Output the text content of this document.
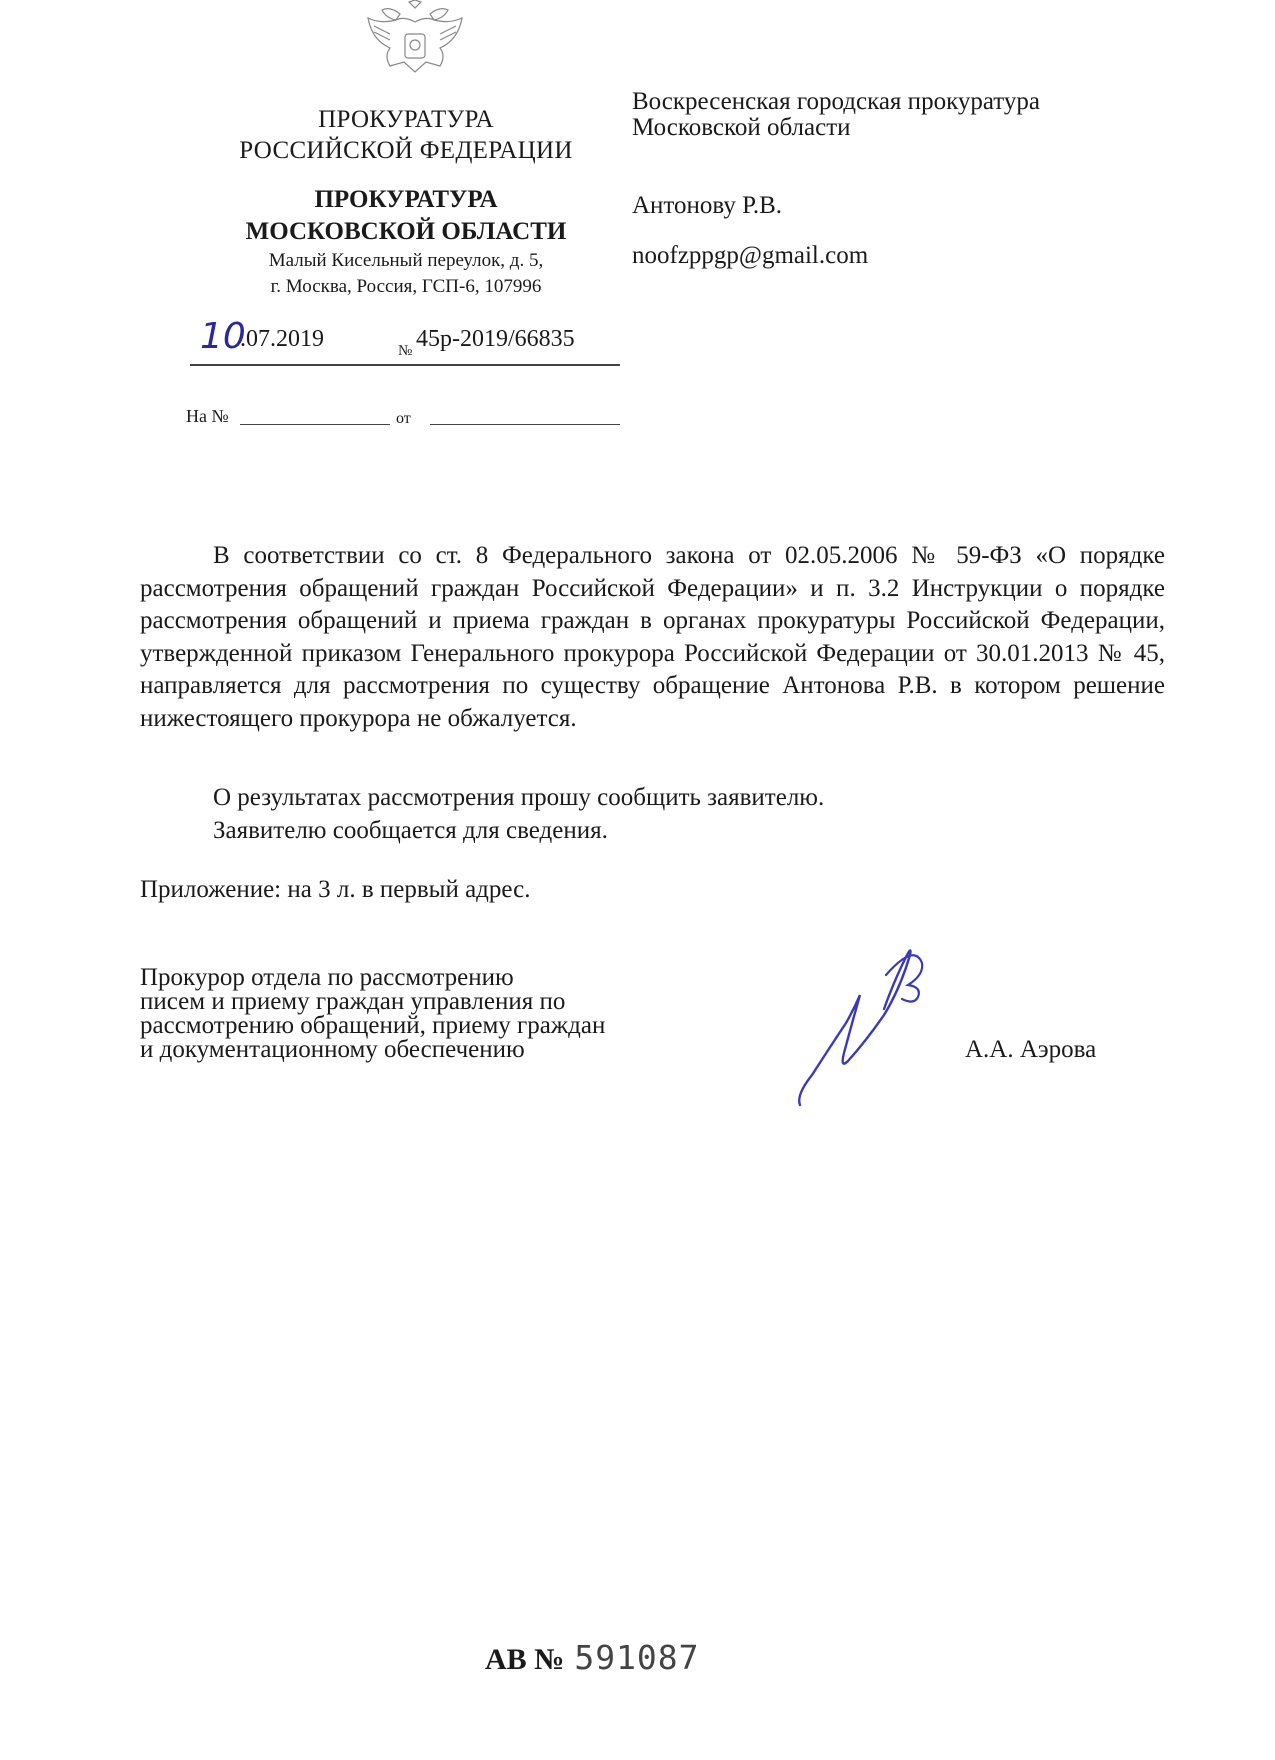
ПРОКУРАТУРА
РОССИЙСКОЙ ФЕДЕРАЦИИ
ПРОКУРАТУРА
МОСКОВСКОЙ ОБЛАСТИ
Малый Кисельный переулок, д. 5,
г. Москва, Россия, ГСП-6, 107996
10
.07.2019	№ 45р-2019/66835
На №	от
Воскресенская городская прокуратура
Московской области
Антонову Р.В.
noofzppgp@gmail.com
В соответствии со ст. 8 Федерального закона от 02.05.2006 № 59-ФЗ «О порядке рассмотрения обращений граждан Российской Федерации» и п. 3.2 Инструкции о порядке рассмотрения обращений и приема граждан в органах прокуратуры Российской Федерации, утвержденной приказом Генерального прокурора Российской Федерации от 30.01.2013 № 45, направляется для рассмотрения по существу обращение Антонова Р.В. в котором решение нижестоящего прокурора не обжалуется.
О результатах рассмотрения прошу сообщить заявителю.
Заявителю сообщается для сведения.
Приложение: на 3 л. в первый адрес.
Прокурор отдела по рассмотрению
писем и приему граждан управления по
рассмотрению обращений, приему граждан
и документационному обеспечению	А.А. Аэрова
АВ № 591087
